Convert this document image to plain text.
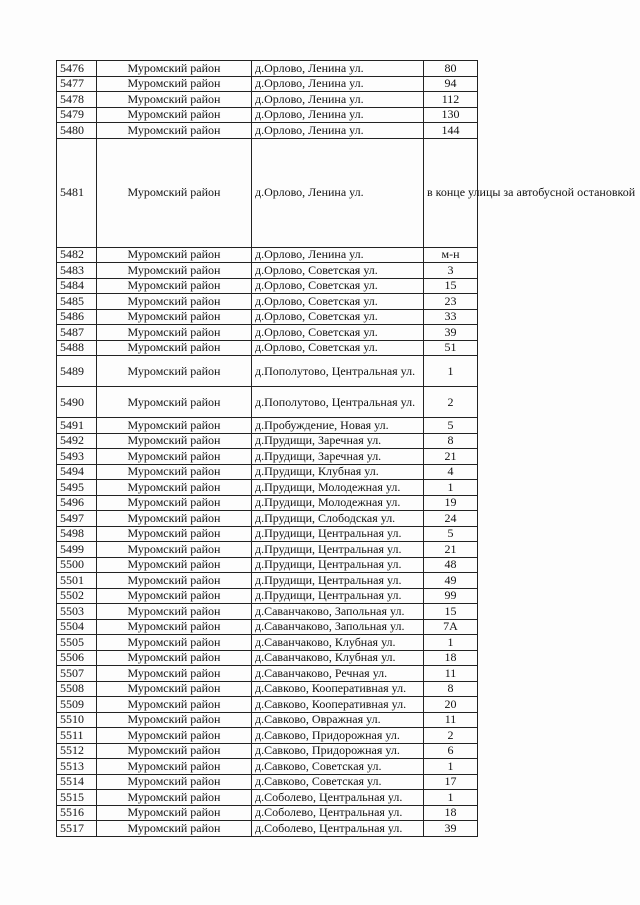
5476	Муромский район	д.Орлово, Ленина ул.	80
5477	Муромский район	д.Орлово, Ленина ул.	94
5478	Муромский район	д.Орлово, Ленина ул.	112
5479	Муромский район	д.Орлово, Ленина ул.	130
5480	Муромский район	д.Орлово, Ленина ул.	144
5481	Муромский район	д.Орлово, Ленина ул.	в конце улицы за автобусной остановкой
5482	Муромский район	д.Орлово, Ленина ул.	м-н
5483	Муромский район	д.Орлово, Советская ул.	3
5484	Муромский район	д.Орлово, Советская ул.	15
5485	Муромский район	д.Орлово, Советская ул.	23
5486	Муромский район	д.Орлово, Советская ул.	33
5487	Муромский район	д.Орлово, Советская ул.	39
5488	Муромский район	д.Орлово, Советская ул.	51
5489	Муромский район	д.Пополутово, Центральная ул.	1
5490	Муромский район	д.Пополутово, Центральная ул.	2
5491	Муромский район	д.Пробуждение, Новая ул.	5
5492	Муромский район	д.Прудищи, Заречная ул.	8
5493	Муромский район	д.Прудищи, Заречная ул.	21
5494	Муромский район	д.Прудищи, Клубная ул.	4
5495	Муромский район	д.Прудищи, Молодежная ул.	1
5496	Муромский район	д.Прудищи, Молодежная ул.	19
5497	Муромский район	д.Прудищи, Слободская ул.	24
5498	Муромский район	д.Прудищи, Центральная ул.	5
5499	Муромский район	д.Прудищи, Центральная ул.	21
5500	Муромский район	д.Прудищи, Центральная ул.	48
5501	Муромский район	д.Прудищи, Центральная ул.	49
5502	Муромский район	д.Прудищи, Центральная ул.	99
5503	Муромский район	д.Саванчаково, Запольная ул.	15
5504	Муромский район	д.Саванчаково, Запольная ул.	7А
5505	Муромский район	д.Саванчаково, Клубная ул.	1
5506	Муромский район	д.Саванчаково, Клубная ул.	18
5507	Муромский район	д.Саванчаково, Речная ул.	11
5508	Муромский район	д.Савково, Кооперативная ул.	8
5509	Муромский район	д.Савково, Кооперативная ул.	20
5510	Муромский район	д.Савково, Овражная ул.	11
5511	Муромский район	д.Савково, Придорожная ул.	2
5512	Муромский район	д.Савково, Придорожная ул.	6
5513	Муромский район	д.Савково, Советская ул.	1
5514	Муромский район	д.Савково, Советская ул.	17
5515	Муромский район	д.Соболево, Центральная ул.	1
5516	Муромский район	д.Соболево, Центральная ул.	18
5517	Муромский район	д.Соболево, Центральная ул.	39
